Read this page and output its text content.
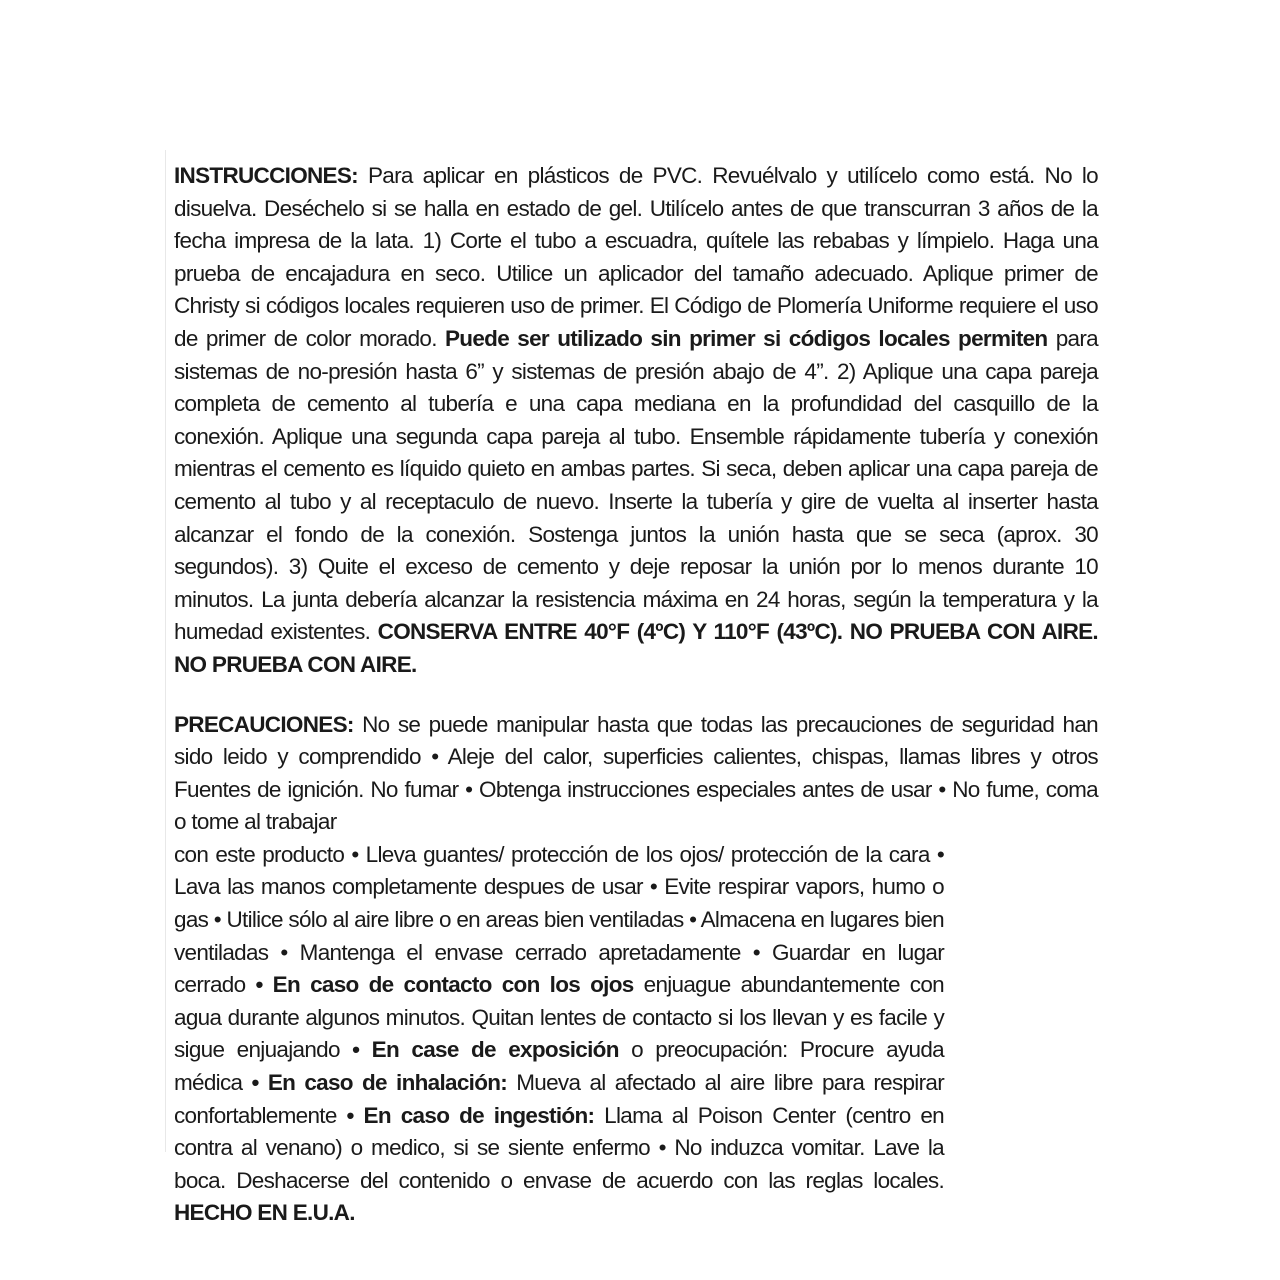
INSTRUCCIONES: Para aplicar en plásticos de PVC. Revuélvalo y utilícelo como está. No lo disuelva. Deséchelo si se halla en estado de gel. Utilícelo antes de que transcurran 3 años de la fecha impresa de la lata. 1) Corte el tubo a escuadra, quítele las rebabas y límpielo. Haga una prueba de encajadura en seco. Utilice un aplicador del tamaño adecuado. Aplique primer de Christy si códigos locales requieren uso de primer. El Código de Plomería Uniforme requiere el uso de primer de color morado. Puede ser utilizado sin primer si códigos locales permiten para sistemas de no-presión hasta 6” y sistemas de presión abajo de 4”. 2) Aplique una capa pareja completa de cemento al tubería e una capa mediana en la profundidad del casquillo de la conexión. Aplique una segunda capa pareja al tubo. Ensemble rápidamente tubería y conexión mientras el cemento es líquido quieto en ambas partes. Si seca, deben aplicar una capa pareja de cemento al tubo y al receptaculo de nuevo. Inserte la tubería y gire de vuelta al inserter hasta alcanzar el fondo de la conexión. Sostenga juntos la unión hasta que se seca (aprox. 30 segundos). 3) Quite el exceso de cemento y deje reposar la unión por lo menos durante 10 minutos. La junta debería alcanzar la resistencia máxima en 24 horas, según la temperatura y la humedad existentes. CONSERVA ENTRE 40°F (4ºC) Y 110°F (43ºC). NO PRUEBA CON AIRE. NO PRUEBA CON AIRE.

PRECAUCIONES: No se puede manipular hasta que todas las precauciones de seguridad han sido leido y comprendido • Aleje del calor, superficies calientes, chispas, llamas libres y otros Fuentes de ignición. No fumar • Obtenga instrucciones especiales antes de usar • No fume, coma o tome al trabajar
con este producto • Lleva guantes/ protección de los ojos/ protección de la cara • Lava las manos completamente despues de usar • Evite respirar vapors, humo o gas • Utilice sólo al aire libre o en areas bien ventiladas • Almacena en lugares bien ventiladas • Mantenga el envase cerrado apretadamente • Guardar en lugar cerrado • En caso de contacto con los ojos enjuague abundantemente con agua durante algunos minutos. Quitan lentes de contacto si los llevan y es facile y sigue enjuajando • En case de exposición o preocupación: Procure ayuda médica • En caso de inhalación: Mueva al afectado al aire libre para respirar confortablemente • En caso de ingestión: Llama al Poison Center (centro en contra al venano) o medico, si se siente enfermo • No induzca vomitar. Lave la boca. Deshacerse del contenido o envase de acuerdo con las reglas locales. HECHO EN E.U.A.
